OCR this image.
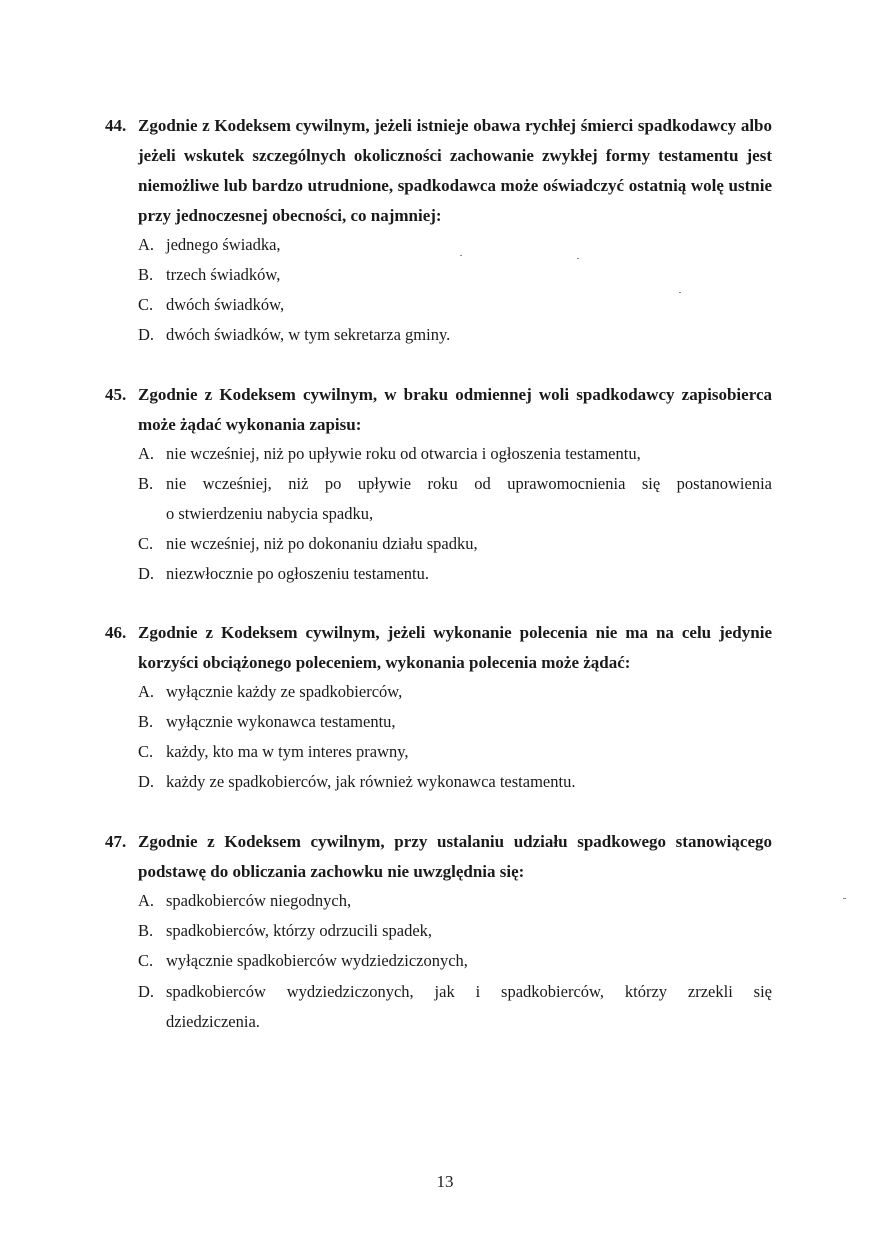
44. Zgodnie z Kodeksem cywilnym, jeżeli istnieje obawa rychłej śmierci spadkodawcy albo jeżeli wskutek szczególnych okoliczności zachowanie zwykłej formy testamentu jest niemożliwe lub bardzo utrudnione, spadkodawca może oświadczyć ostatnią wolę ustnie przy jednoczesnej obecności, co najmniej:
A. jednego świadka,
B. trzech świadków,
C. dwóch świadków,
D. dwóch świadków, w tym sekretarza gminy.
45. Zgodnie z Kodeksem cywilnym, w braku odmiennej woli spadkodawcy zapisobierca może żądać wykonania zapisu:
A. nie wcześniej, niż po upływie roku od otwarcia i ogłoszenia testamentu,
B. nie wcześniej, niż po upływie roku od uprawomocnienia się postanowienia
o stwierdzeniu nabycia spadku,
C. nie wcześniej, niż po dokonaniu działu spadku,
D. niezwłocznie po ogłoszeniu testamentu.
46. Zgodnie z Kodeksem cywilnym, jeżeli wykonanie polecenia nie ma na celu jedynie korzyści obciążonego poleceniem, wykonania polecenia może żądać:
A. wyłącznie każdy ze spadkobierców,
B. wyłącznie wykonawca testamentu,
C. każdy, kto ma w tym interes prawny,
D. każdy ze spadkobierców, jak również wykonawca testamentu.
47. Zgodnie z Kodeksem cywilnym, przy ustalaniu udziału spadkowego stanowiącego podstawę do obliczania zachowku nie uwzględnia się:
A. spadkobierców niegodnych,
B. spadkobierców, którzy odrzucili spadek,
C. wyłącznie spadkobierców wydziedziczonych,
D. spadkobierców wydziedziczonych, jak i spadkobierców, którzy zrzekli się
dziedziczenia.
13
